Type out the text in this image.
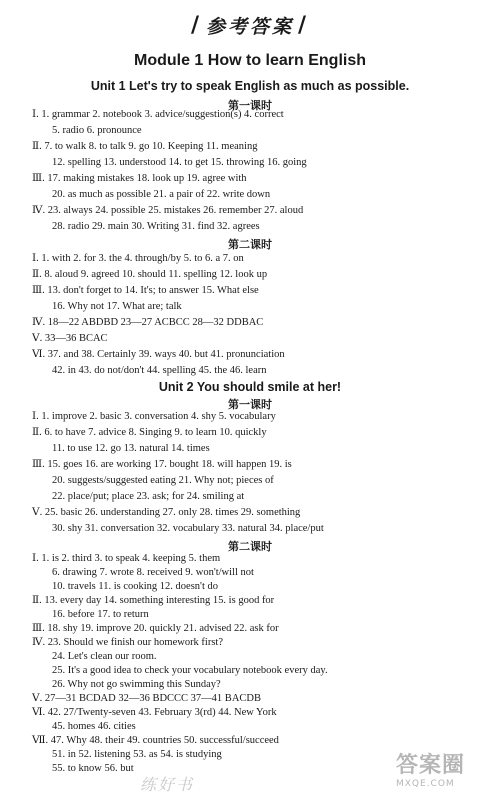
/ 参考答案 /
Module 1 How to learn English
Unit 1 Let's try to speak English as much as possible.
第一课时
Ⅰ. 1. grammar 2. notebook 3. advice/suggestion(s) 4. correct
5. radio 6. pronounce
Ⅱ. 7. to walk 8. to talk 9. go 10. Keeping 11. meaning
12. spelling 13. understood 14. to get 15. throwing 16. going
Ⅲ. 17. making mistakes 18. look up 19. agree with
20. as much as possible 21. a pair of 22. write down
Ⅳ. 23. always 24. possible 25. mistakes 26. remember 27. aloud
28. radio 29. main 30. Writing 31. find 32. agrees
第二课时
Ⅰ. 1. with 2. for 3. the 4. through/by 5. to 6. a 7. on
Ⅱ. 8. aloud 9. agreed 10. should 11. spelling 12. look up
Ⅲ. 13. don't forget to 14. It's; to answer 15. What else
16. Why not 17. What are; talk
Ⅳ. 18—22 ABDBD 23—27 ACBCC 28—32 DDBAC
Ⅴ. 33—36 BCAC
Ⅵ. 37. and 38. Certainly 39. ways 40. but 41. pronunciation
42. in 43. do not/don't 44. spelling 45. the 46. learn
Unit 2 You should smile at her!
第一课时
Ⅰ. 1. improve 2. basic 3. conversation 4. shy 5. vocabulary
Ⅱ. 6. to have 7. advice 8. Singing 9. to learn 10. quickly
11. to use 12. go 13. natural 14. times
Ⅲ. 15. goes 16. are working 17. bought 18. will happen 19. is
20. suggests/suggested eating 21. Why not; pieces of
22. place/put; place 23. ask; for 24. smiling at
Ⅴ. 25. basic 26. understanding 27. only 28. times 29. something
30. shy 31. conversation 32. vocabulary 33. natural 34. place/put
第二课时
Ⅰ. 1. is 2. third 3. to speak 4. keeping 5. them
6. drawing 7. wrote 8. received 9. won't/will not
10. travels 11. is cooking 12. doesn't do
Ⅱ. 13. every day 14. something interesting 15. is good for
16. before 17. to return
Ⅲ. 18. shy 19. improve 20. quickly 21. advised 22. ask for
Ⅳ. 23. Should we finish our homework first?
24. Let's clean our room.
25. It's a good idea to check your vocabulary notebook every day.
26. Why not go swimming this Sunday?
Ⅴ. 27—31 BCDAD 32—36 BDCCC 37—41 BACDB
Ⅵ. 42. 27/Twenty-seven 43. February 3(rd) 44. New York
45. homes 46. cities
Ⅶ. 47. Why 48. their 49. countries 50. successful/succeed
51. in 52. listening 53. as 54. is studying
55. to know 56. but
练好书
答案圈
MXQE.COM
